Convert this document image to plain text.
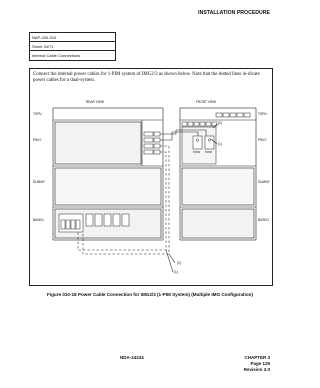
INSTALLATION PROCEDURE
NAP-200-010
Sheet 34/71
Internal Cable Connections
Connect the internal power cables for 1-PIM system of IMG2/3 as shown below. Note that the dotted lines in-dicate power cables for a dual-system.
REAR VIEW	FRONT VIEW
TOPU
PIM 0
DUMMY
BASEU
TOPU
PIM 0
SUMMY
BASEU
PWR PWR
(2)
(1)
(2)
(1)
Figure 010-18 Power Cable Connection for IMG2/3 (1-PIM System) (Multiple IMG Configuration)
NDA-24234	CHAPTER 3
Page 129
Revision 3.0
